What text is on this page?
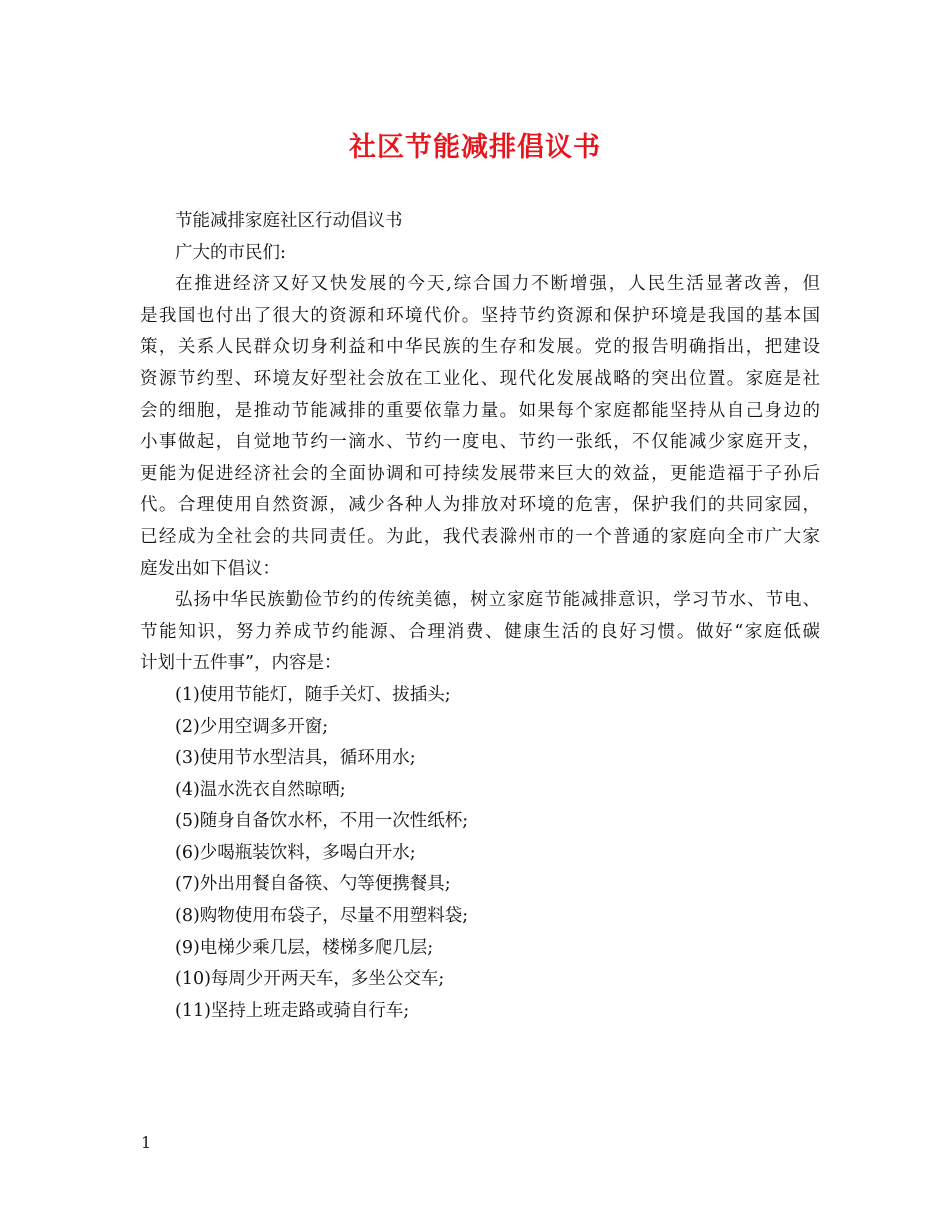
社区节能减排倡议书
节能减排家庭社区行动倡议书
广大的市民们:
在推进经济又好又快发展的今天,综合国力不断增强，人民生活显著改善，但
是我国也付出了很大的资源和环境代价。坚持节约资源和保护环境是我国的基本国
策，关系人民群众切身利益和中华民族的生存和发展。党的报告明确指出，把建设
资源节约型、环境友好型社会放在工业化、现代化发展战略的突出位置。家庭是社
会的细胞，是推动节能减排的重要依靠力量。如果每个家庭都能坚持从自己身边的
小事做起，自觉地节约一滴水、节约一度电、节约一张纸，不仅能减少家庭开支，
更能为促进经济社会的全面协调和可持续发展带来巨大的效益，更能造福于子孙后
代。合理使用自然资源，减少各种人为排放对环境的危害，保护我们的共同家园，
已经成为全社会的共同责任。为此，我代表滁州市的一个普通的家庭向全市广大家
庭发出如下倡议：
弘扬中华民族勤俭节约的传统美德，树立家庭节能减排意识，学习节水、节电、
节能知识，努力养成节约能源、合理消费、健康生活的良好习惯。做好“家庭低碳
计划十五件事”，内容是：
(1)使用节能灯，随手关灯、拔插头;
(2)少用空调多开窗;
(3)使用节水型洁具，循环用水;
(4)温水洗衣自然晾晒;
(5)随身自备饮水杯，不用一次性纸杯;
(6)少喝瓶装饮料，多喝白开水;
(7)外出用餐自备筷、勺等便携餐具;
(8)购物使用布袋子，尽量不用塑料袋;
(9)电梯少乘几层，楼梯多爬几层;
(10)每周少开两天车，多坐公交车;
(11)坚持上班走路或骑自行车;
1
